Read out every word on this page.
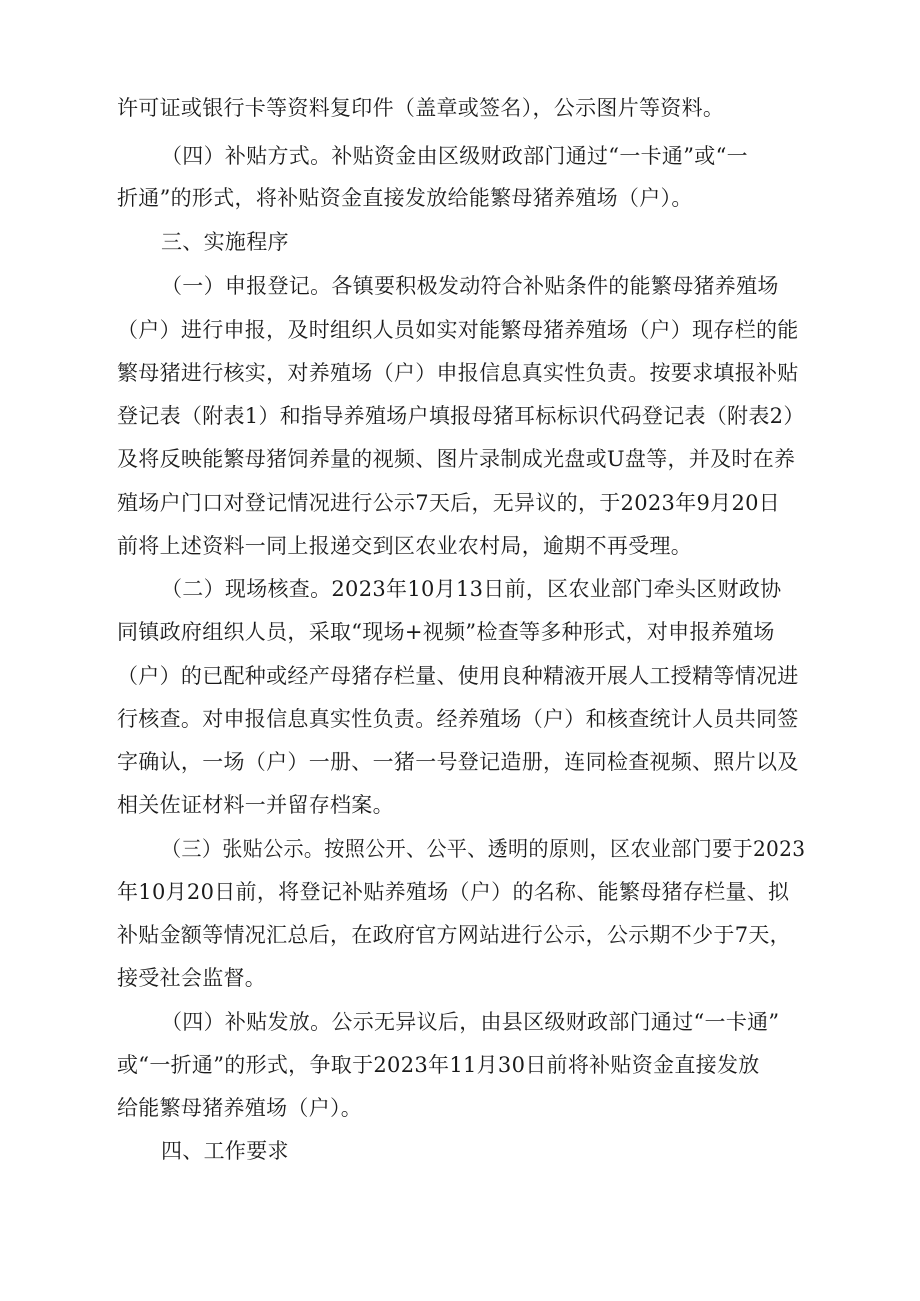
许可证或银行卡等资料复印件（盖章或签名），公示图片等资料。
（四）补贴方式。补贴资金由区级财政部门通过“一卡通”或“一
折通”的形式，将补贴资金直接发放给能繁母猪养殖场（户）。
三、实施程序
（一）申报登记。各镇要积极发动符合补贴条件的能繁母猪养殖场
（户）进行申报，及时组织人员如实对能繁母猪养殖场（户）现存栏的能
繁母猪进行核实，对养殖场（户）申报信息真实性负责。按要求填报补贴
登记表（附表1）和指导养殖场户填报母猪耳标标识代码登记表（附表2）
及将反映能繁母猪饲养量的视频、图片录制成光盘或U盘等，并及时在养
殖场户门口对登记情况进行公示7天后，无异议的，于2023年9月20日
前将上述资料一同上报递交到区农业农村局，逾期不再受理。
（二）现场核查。2023年10月13日前，区农业部门牵头区财政协
同镇政府组织人员，采取“现场+视频”检查等多种形式，对申报养殖场
（户）的已配种或经产母猪存栏量、使用良种精液开展人工授精等情况进
行核查。对申报信息真实性负责。经养殖场（户）和核查统计人员共同签
字确认，一场（户）一册、一猪一号登记造册，连同检查视频、照片以及
相关佐证材料一并留存档案。
（三）张贴公示。按照公开、公平、透明的原则，区农业部门要于2023
年10月20日前，将登记补贴养殖场（户）的名称、能繁母猪存栏量、拟
补贴金额等情况汇总后，在政府官方网站进行公示，公示期不少于7天，
接受社会监督。
（四）补贴发放。公示无异议后，由县区级财政部门通过“一卡通”
或“一折通”的形式，争取于2023年11月30日前将补贴资金直接发放
给能繁母猪养殖场（户）。
四、工作要求
